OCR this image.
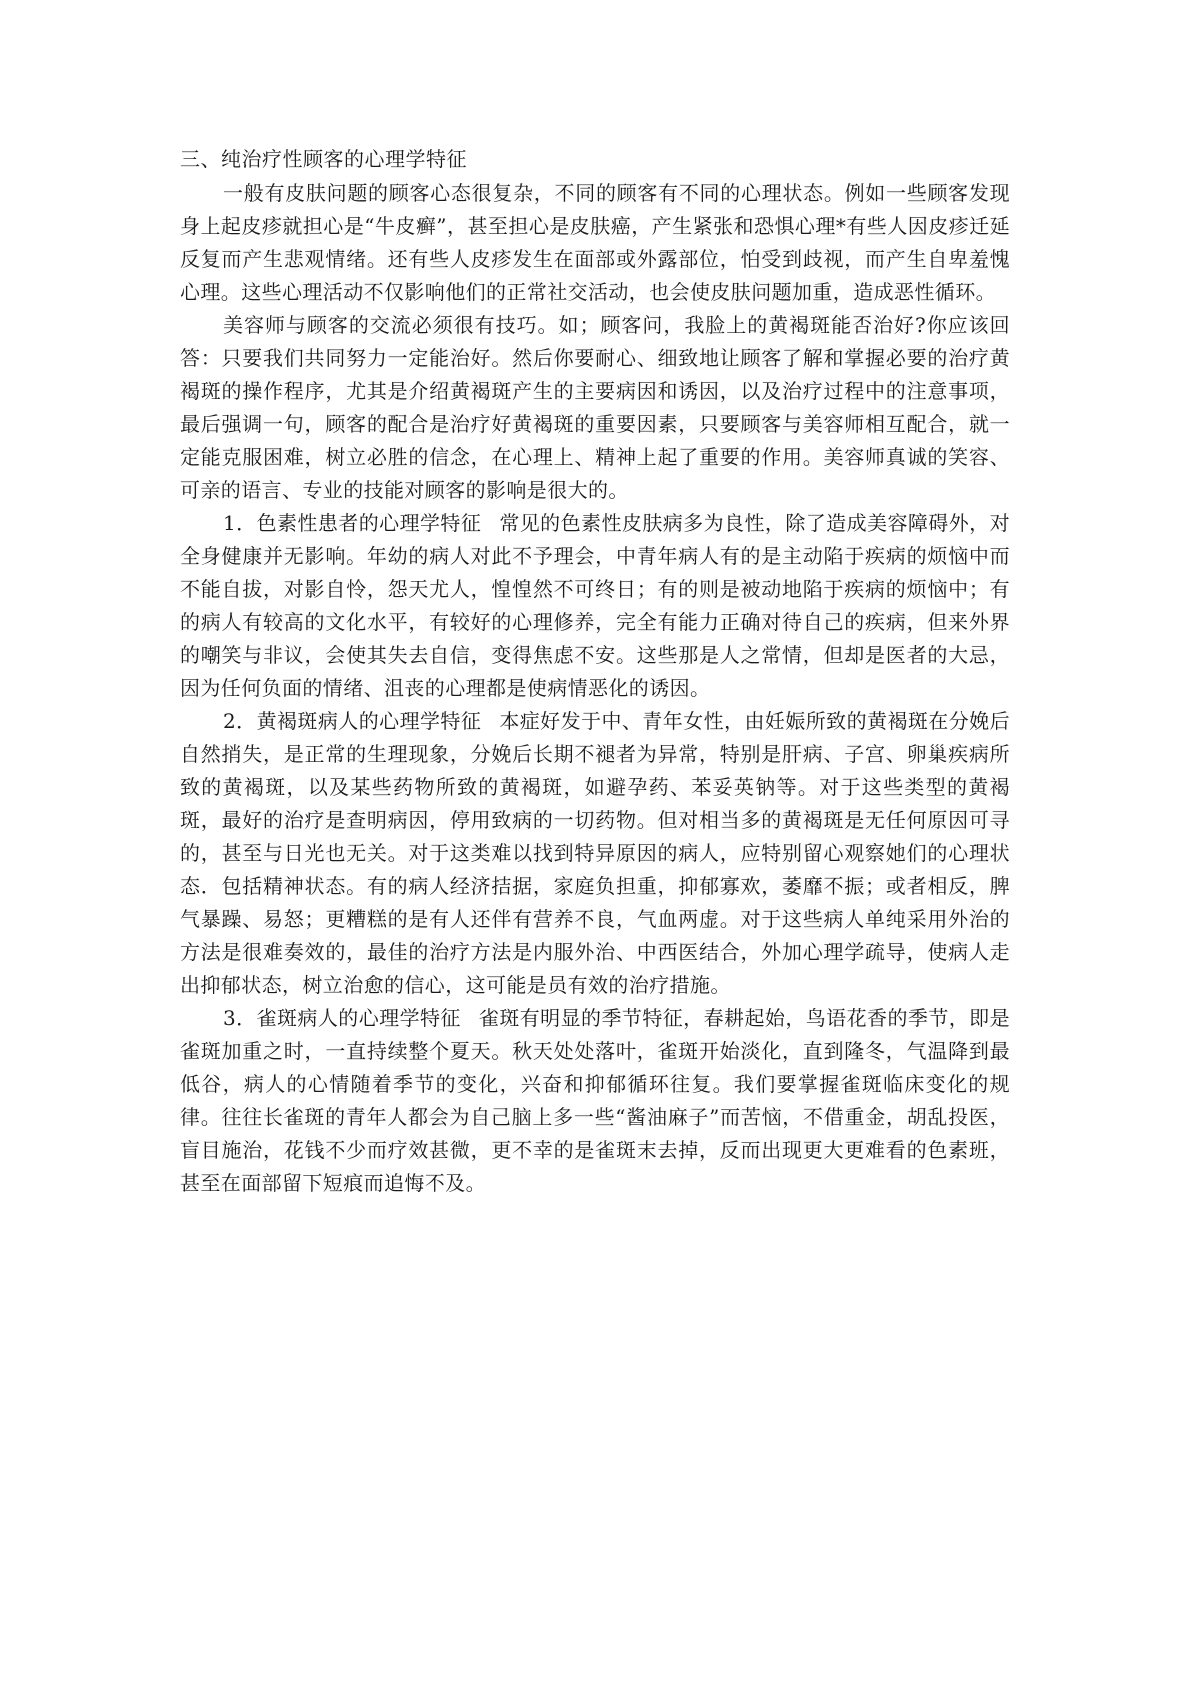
三、纯治疗性顾客的心理学特征

一般有皮肤问题的顾客心态很复杂，不同的顾客有不同的心理状态。例如一些顾客发现身上起皮疹就担心是“牛皮癣”，甚至担心是皮肤癌，产生紧张和恐惧心理*有些人因皮疹迁延反复而产生悲观情绪。还有些人皮疹发生在面部或外露部位，怕受到歧视，而产生自卑羞愧心理。这些心理活动不仅影响他们的正常社交活动，也会使皮肤问题加重，造成恶性循环。

美容师与顾客的交流必须很有技巧。如；顾客问，我脸上的黄褐斑能否治好?你应该回答：只要我们共同努力一定能治好。然后你要耐心、细致地让顾客了解和掌握必要的治疗黄褐斑的操作程序，尤其是介绍黄褐斑产生的主要病因和诱因，以及治疗过程中的注意事项，最后强调一句，顾客的配合是治疗好黄褐斑的重要因素，只要顾客与美容师相互配合，就一定能克服困难，树立必胜的信念，在心理上、精神上起了重要的作用。美容师真诚的笑容、可亲的语言、专业的技能对顾客的影响是很大的。

1．色素性患者的心理学特征 常见的色素性皮肤病多为良性，除了造成美容障碍外，对全身健康并无影响。年幼的病人对此不予理会，中青年病人有的是主动陷于疾病的烦恼中而不能自拔，对影自怜，怨天尤人，惶惶然不可终日；有的则是被动地陷于疾病的烦恼中；有的病人有较高的文化水平，有较好的心理修养，完全有能力正确对待自己的疾病，但来外界的嘲笑与非议，会使其失去自信，变得焦虑不安。这些那是人之常情，但却是医者的大忌，因为任何负面的情绪、沮丧的心理都是使病情恶化的诱因。

2．黄褐斑病人的心理学特征 本症好发于中、青年女性，由妊娠所致的黄褐斑在分娩后自然捎失，是正常的生理现象，分娩后长期不褪者为异常，特别是肝病、子宫、卵巢疾病所致的黄褐斑，以及某些药物所致的黄褐斑，如避孕药、苯妥英钠等。对于这些类型的黄褐斑，最好的治疗是查明病因，停用致病的一切药物。但对相当多的黄褐斑是无任何原因可寻的，甚至与日光也无关。对于这类难以找到特异原因的病人，应特别留心观察她们的心理状态．包括精神状态。有的病人经济拮据，家庭负担重，抑郁寡欢，萎靡不振；或者相反，脾气暴躁、易怒；更糟糕的是有人还伴有营养不良，气血两虚。对于这些病人单纯采用外治的方法是很难奏效的，最佳的治疗方法是内服外治、中西医结合，外加心理学疏导，使病人走出抑郁状态，树立治愈的信心，这可能是员有效的治疗措施。

3．雀斑病人的心理学特征 雀斑有明显的季节特征，春耕起始，鸟语花香的季节，即是雀斑加重之时，一直持续整个夏天。秋天处处落叶，雀斑开始淡化，直到隆冬，气温降到最低谷，病人的心情随着季节的变化，兴奋和抑郁循环往复。我们要掌握雀斑临床变化的规律。往往长雀斑的青年人都会为自己脑上多一些“酱油麻子”而苦恼，不借重金，胡乱投医，盲目施治，花钱不少而疗效甚微，更不幸的是雀斑末去掉，反而出现更大更难看的色素班，甚至在面部留下短痕而追悔不及。
